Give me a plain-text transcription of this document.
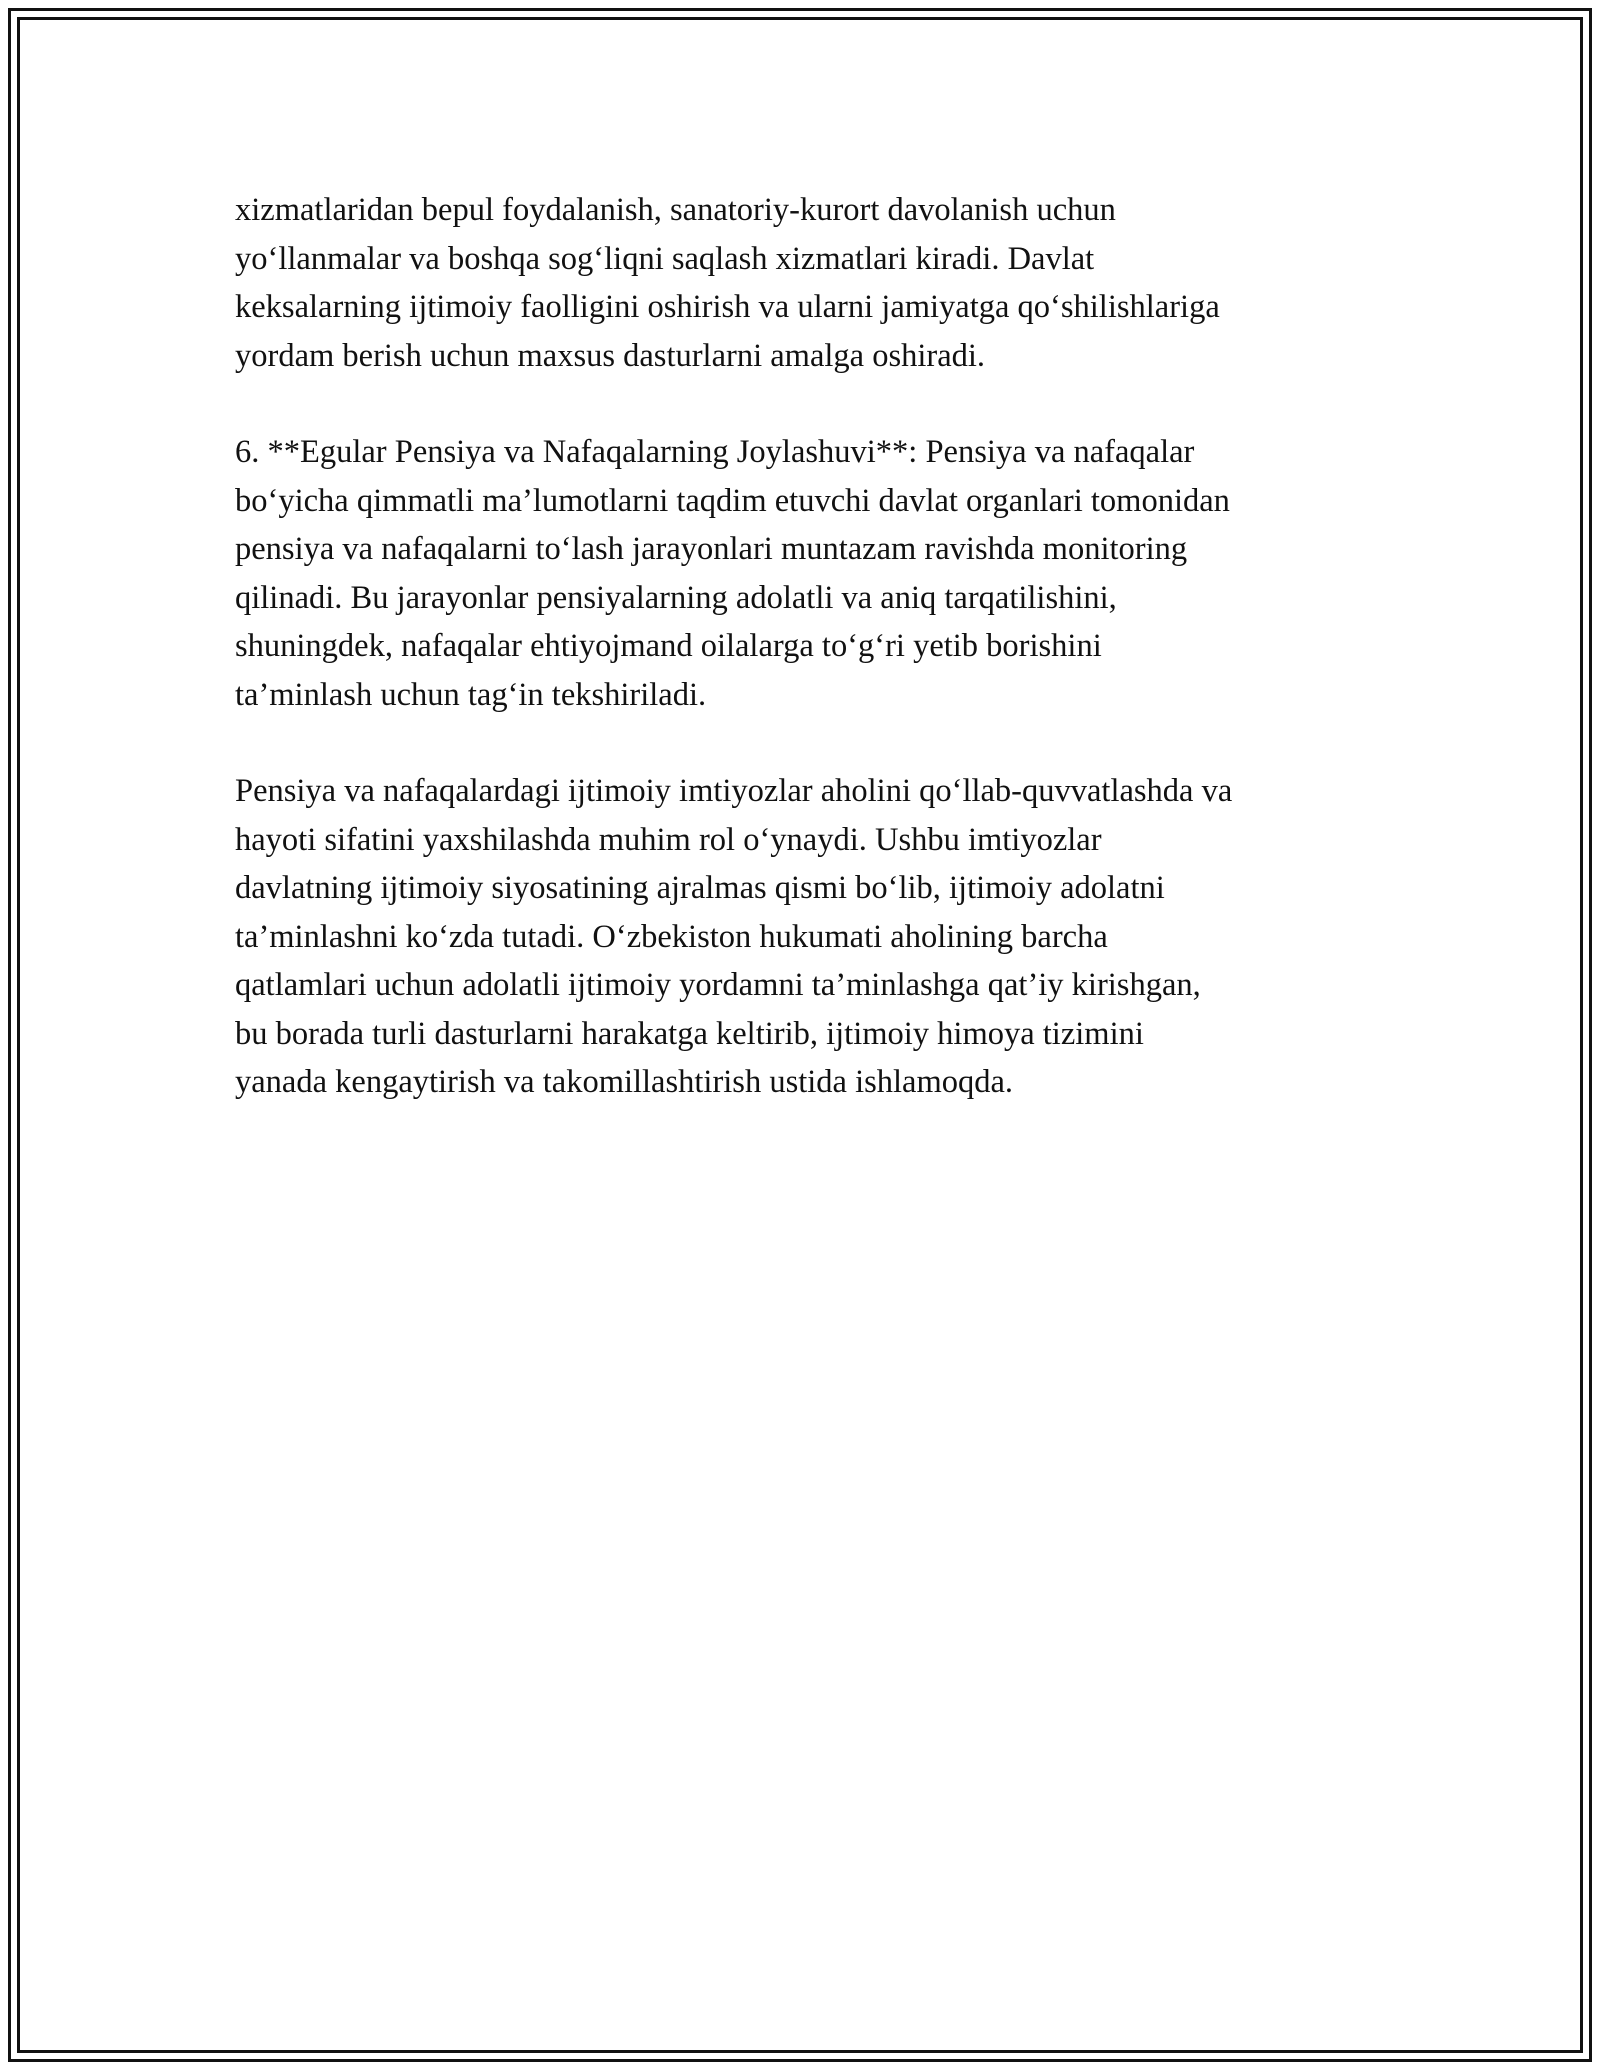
xizmatlaridan bepul foydalanish, sanatoriy-kurort davolanish uchun
yo‘llanmalar va boshqa sog‘liqni saqlash xizmatlari kiradi. Davlat
keksalarning ijtimoiy faolligini oshirish va ularni jamiyatga qo‘shilishlariga
yordam berish uchun maxsus dasturlarni amalga oshiradi.

6. **Egular Pensiya va Nafaqalarning Joylashuvi**: Pensiya va nafaqalar
bo‘yicha qimmatli ma’lumotlarni taqdim etuvchi davlat organlari tomonidan
pensiya va nafaqalarni to‘lash jarayonlari muntazam ravishda monitoring
qilinadi. Bu jarayonlar pensiyalarning adolatli va aniq tarqatilishini,
shuningdek, nafaqalar ehtiyojmand oilalarga to‘g‘ri yetib borishini
ta’minlash uchun tag‘in tekshiriladi.

Pensiya va nafaqalardagi ijtimoiy imtiyozlar aholini qo‘llab-quvvatlashda va
hayoti sifatini yaxshilashda muhim rol o‘ynaydi. Ushbu imtiyozlar
davlatning ijtimoiy siyosatining ajralmas qismi bo‘lib, ijtimoiy adolatni
ta’minlashni ko‘zda tutadi. O‘zbekiston hukumati aholining barcha
qatlamlari uchun adolatli ijtimoiy yordamni ta’minlashga qat’iy kirishgan,
bu borada turli dasturlarni harakatga keltirib, ijtimoiy himoya tizimini
yanada kengaytirish va takomillashtirish ustida ishlamoqda.
